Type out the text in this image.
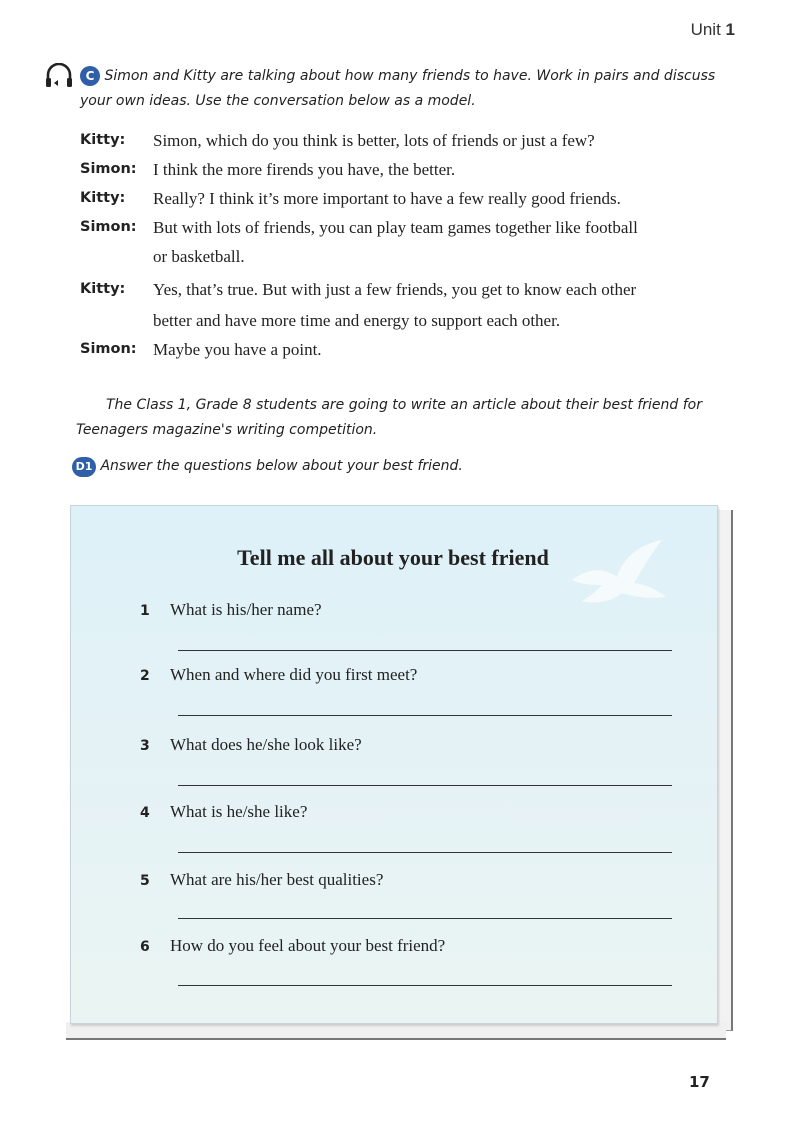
Unit 1
C Simon and Kitty are talking about how many friends to have. Work in pairs and discuss your own ideas. Use the conversation below as a model.
Kitty: Simon, which do you think is better, lots of friends or just a few?
Simon: I think the more firends you have, the better.
Kitty: Really? I think it’s more important to have a few really good friends.
Simon: But with lots of friends, you can play team games together like football
or basketball.
Kitty: Yes, that’s true. But with just a few friends, you get to know each other
better and have more time and energy to support each other.
Simon: Maybe you have a point.
The Class 1, Grade 8 students are going to write an article about their best friend for Teenagers magazine's writing competition.
D1 Answer the questions below about your best friend.
Tell me all about your best friend
1 What is his/her name?
2 When and where did you first meet?
3 What does he/she look like?
4 What is he/she like?
5 What are his/her best qualities?
6 How do you feel about your best friend?
17
